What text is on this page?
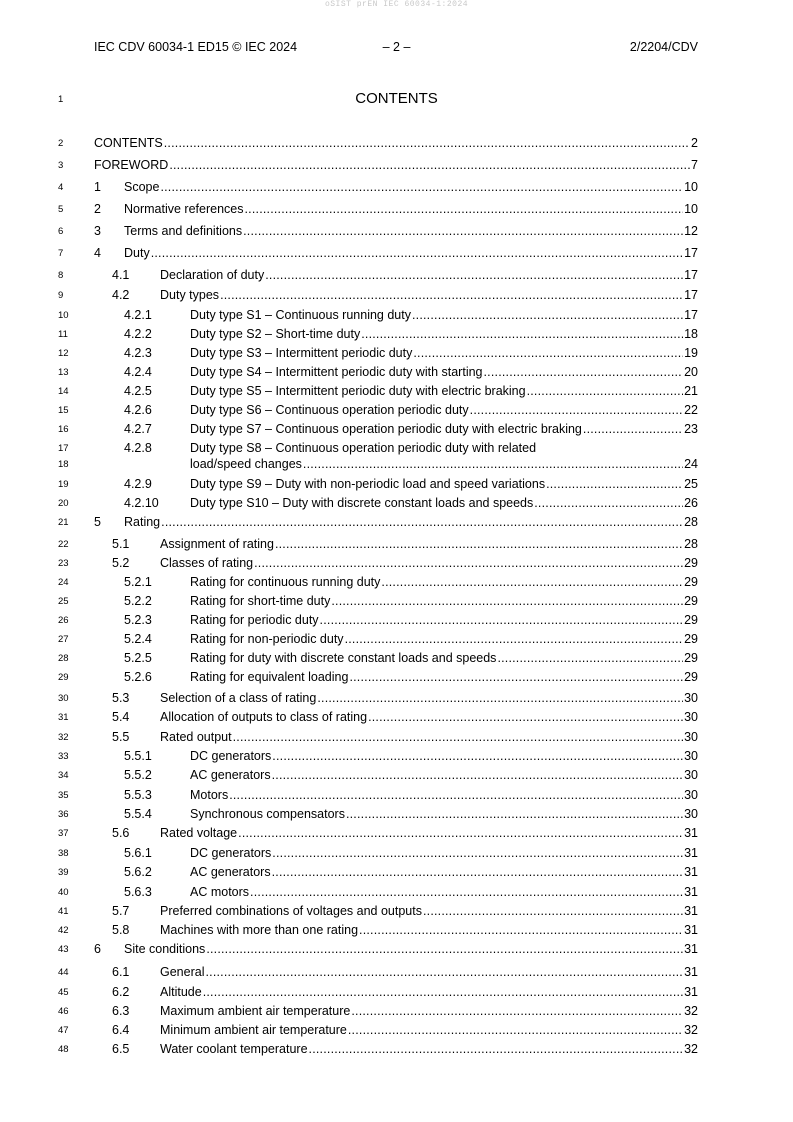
oSIST prEN IEC 60034-1:2024
IEC CDV 60034-1 ED15 © IEC 2024	– 2 –	2/2204/CDV
1	CONTENTS
CONTENTS .....	2
2
FOREWORD .....	7
3
1 Scope .....	10
4
2 Normative references .....	10
5
3 Terms and definitions .....	12
6
4 Duty .....	17
7
4.1 Declaration of duty .....	17
8
4.2 Duty types .....	17
9
4.2.1	Duty type S1 – Continuous running duty .....	17
10
4.2.2	Duty type S2 – Short-time duty .....	18
11
4.2.3	Duty type S3 – Intermittent periodic duty .....	19
12
4.2.4	Duty type S4 – Intermittent periodic duty with starting .....	20
13
4.2.5	Duty type S5 – Intermittent periodic duty with electric braking .....	21
14
4.2.6	Duty type S6 – Continuous operation periodic duty .....	22
15
4.2.7	Duty type S7 – Continuous operation periodic duty with electric braking .....	23
16
4.2.8	Duty type S8 – Continuous operation periodic duty with related
load/speed changes .....	24
17
18
4.2.9	Duty type S9 – Duty with non-periodic load and speed variations .....	25
19
4.2.10 Duty type S10 – Duty with discrete constant loads and speeds .....	26
20
5 Rating .....	28
21
5.1 Assignment of rating .....	28
22
5.2 Classes of rating .....	29
23
5.2.1	Rating for continuous running duty .....	29
24
5.2.2	Rating for short-time duty .....	29
25
5.2.3	Rating for periodic duty .....	29
26
5.2.4	Rating for non-periodic duty .....	29
27
5.2.5	Rating for duty with discrete constant loads and speeds .....	29
28
5.2.6	Rating for equivalent loading .....	29
29
5.3 Selection of a class of rating .....	30
30
5.4 Allocation of outputs to class of rating .....	30
31
5.5 Rated output .....	30
32
5.5.1	DC generators .....	30
33
5.5.2	AC generators .....	30
34
5.5.3	Motors .....	30
35
5.5.4	Synchronous compensators .....	30
36
5.6 Rated voltage .....	31
37
5.6.1	DC generators .....	31
38
5.6.2	AC generators .....	31
39
5.6.3	AC motors .....	31
40
5.7 Preferred combinations of voltages and outputs .....	31
41
5.8 Machines with more than one rating .....	31
42
6 Site conditions .....	31
43
6.1 General .....	31
44
6.2 Altitude .....	31
45
6.3 Maximum ambient air temperature .....	32
46
6.4 Minimum ambient air temperature .....	32
47
6.5 Water coolant temperature .....	32
48
